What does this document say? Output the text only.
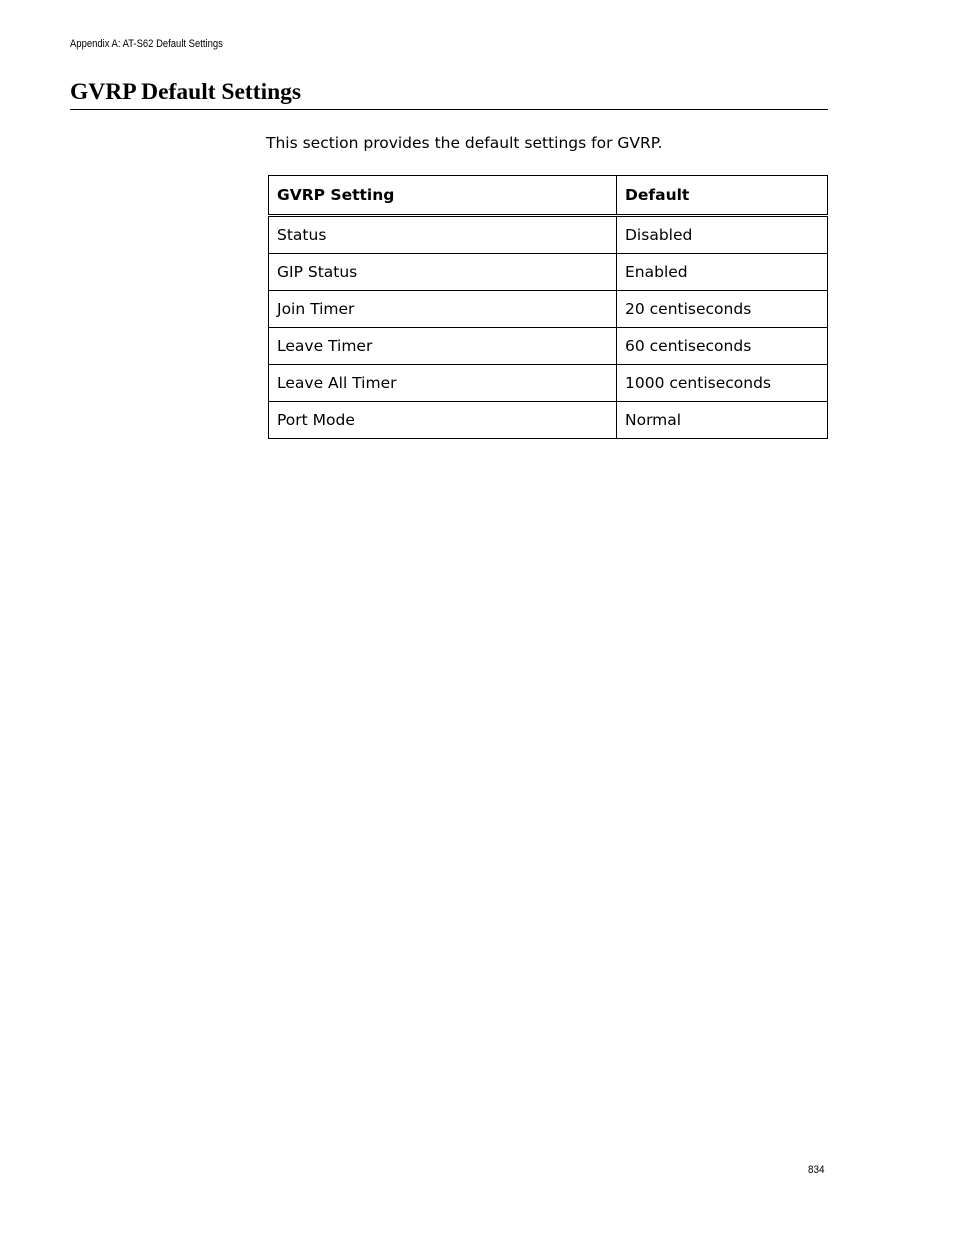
Appendix A: AT-S62 Default Settings
GVRP Default Settings

This section provides the default settings for GVRP.

GVRP Setting	Default
Status	Disabled
GIP Status	Enabled
Join Timer	20 centiseconds
Leave Timer	60 centiseconds
Leave All Timer	1000 centiseconds
Port Mode	Normal
834
